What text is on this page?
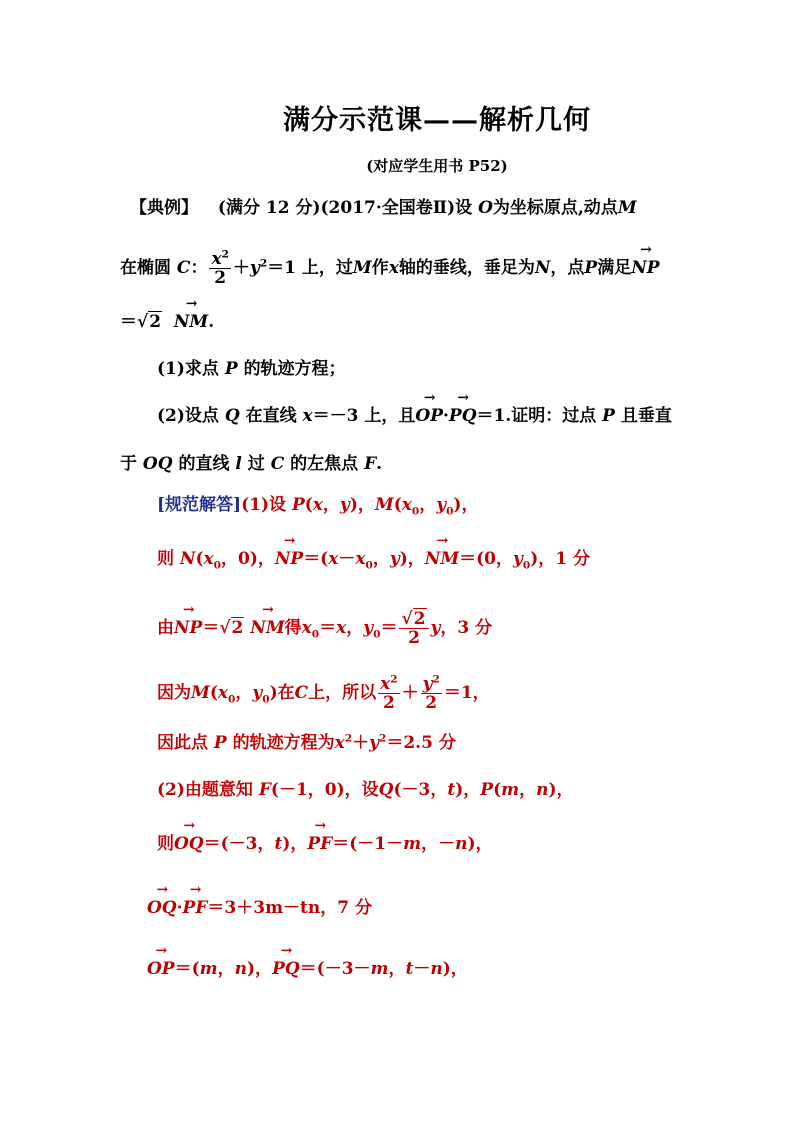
满分示范课——解析几何
(对应学生用书 P52)
【典例】 (满分 12 分)(2017·全国卷Ⅱ)设 O为坐标原点,动点M
在椭圆 C： $\frac{x^2}{2} +y^2=1$ 上，过M作x轴的垂线，垂足为N，点P满足→ NP
＝√2 → NM.
(1)求点 P 的轨迹方程；
(2)设点 Q 在直线 x＝－3 上，且→ OP·→ PQ＝1.证明：过点 P 且垂直
于 OQ 的直线 l 过 C 的左焦点 F.
[规范解答](1)设 P(x，y)，$M(x_0$，$y_0$)，
则 $N(x_0$，0)，→ $NP=(x-x_0$，y)，→ NM＝(0，$y_0$)，1 分
由→ NP＝√2 → NM得$x_0=x$，$y_0= \frac{√2}{2}$ y，3 分
因为$M(x_0$，$y_0$)在C上，所以 $\frac{x^2}{2} + \frac{y^2}{2} =1$，
因此点 P 的轨迹方程为$x^2+y^2=2.5$ 分
(2)由题意知 F(－1，0)，设Q(－3，t)，P(m，n)，
则→ OQ＝(－3，t)，→ PF＝(－1－m，－n)，
→ OQ·→ PF＝3＋3m－tn，7 分
→ OP＝(m，n)，→ PQ＝(－3－m，t－n)，
